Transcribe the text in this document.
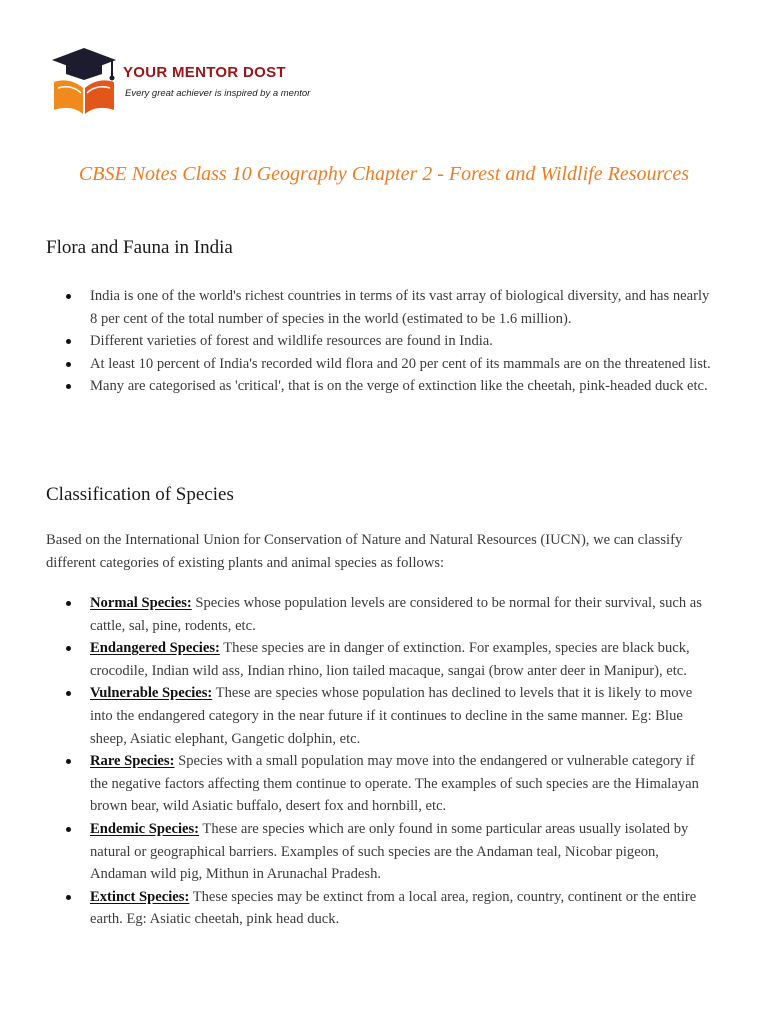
YOUR MENTOR DOST
Every great achiever is inspired by a mentor
CBSE Notes Class 10 Geography Chapter 2 - Forest and Wildlife Resources
Flora and Fauna in India
India is one of the world's richest countries in terms of its vast array of biological diversity, and has nearly 8 per cent of the total number of species in the world (estimated to be 1.6 million).
Different varieties of forest and wildlife resources are found in India.
At least 10 percent of India's recorded wild flora and 20 per cent of its mammals are on the threatened list.
Many are categorised as 'critical', that is on the verge of extinction like the cheetah, pink-headed duck etc.
Classification of Species

Based on the International Union for Conservation of Nature and Natural Resources (IUCN), we can classify different categories of existing plants and animal species as follows:

Normal Species: Species whose population levels are considered to be normal for their survival, such as cattle, sal, pine, rodents, etc.
Endangered Species: These species are in danger of extinction. For examples, species are black buck, crocodile, Indian wild ass, Indian rhino, lion tailed macaque, sangai (brow anter deer in Manipur), etc.
Vulnerable Species: These are species whose population has declined to levels that it is likely to move into the endangered category in the near future if it continues to decline in the same manner. Eg: Blue sheep, Asiatic elephant, Gangetic dolphin, etc.
Rare Species: Species with a small population may move into the endangered or vulnerable category if the negative factors affecting them continue to operate. The examples of such species are the Himalayan brown bear, wild Asiatic buffalo, desert fox and hornbill, etc.
Endemic Species: These are species which are only found in some particular areas usually isolated by natural or geographical barriers. Examples of such species are the Andaman teal, Nicobar pigeon, Andaman wild pig, Mithun in Arunachal Pradesh.
Extinct Species: These species may be extinct from a local area, region, country, continent or the entire earth. Eg: Asiatic cheetah, pink head duck.
